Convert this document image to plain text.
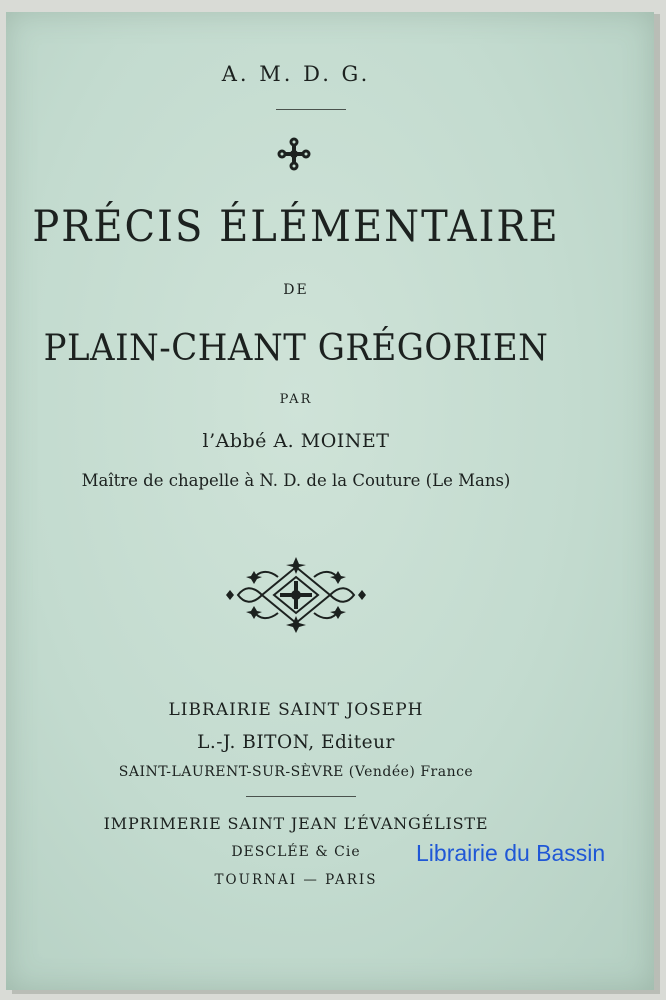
A. M. D. G.
PRÉCIS ÉLÉMENTAIRE
DE
PLAIN-CHANT GRÉGORIEN
PAR
l’Abbé A. MOINET
Maître de chapelle à N. D. de la Couture (Le Mans)
LIBRAIRIE SAINT JOSEPH
L.-J. BITON, Editeur
SAINT-LAURENT-SUR-SÈVRE (Vendée) France
IMPRIMERIE SAINT JEAN L’ÉVANGÉLISTE
DESCLÉE & Cie
TOURNAI — PARIS
Librairie du Bassin
